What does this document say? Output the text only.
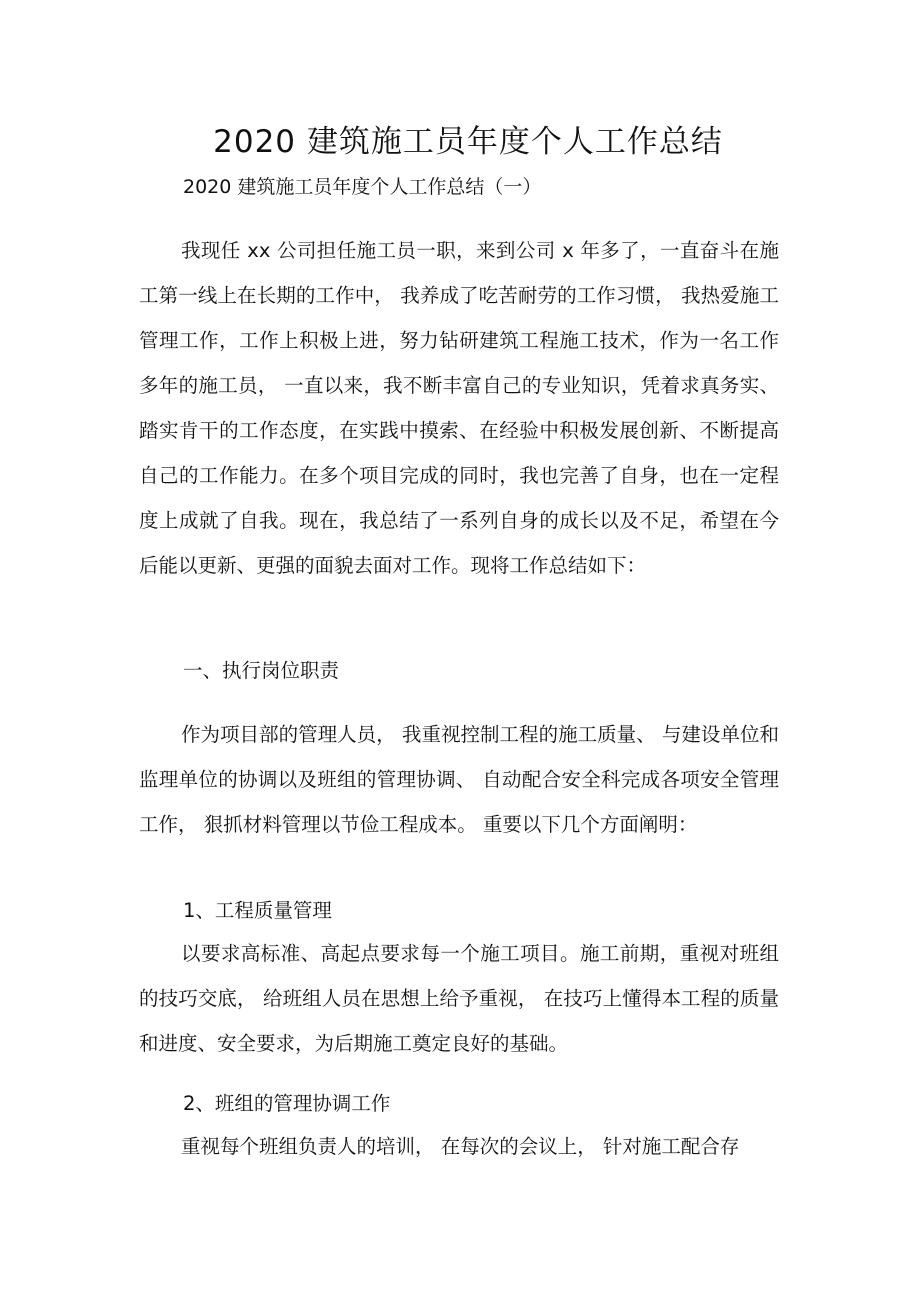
2020 建筑施工员年度个人工作总结
2020 建筑施工员年度个人工作总结（一）

我现任 xx 公司担任施工员一职，来到公司 x 年多了，一直奋斗在施工第一线上在长期的工作中， 我养成了吃苦耐劳的工作习惯， 我热爱施工管理工作，工作上积极上进，努力钻研建筑工程施工技术，作为一名工作多年的施工员， 一直以来，我不断丰富自己的专业知识，凭着求真务实、踏实肯干的工作态度，在实践中摸索、在经验中积极发展创新、不断提高自己的工作能力。在多个项目完成的同时，我也完善了自身，也在一定程度上成就了自我。现在，我总结了一系列自身的成长以及不足，希望在今后能以更新、更强的面貌去面对工作。现将工作总结如下：

一、执行岗位职责

作为项目部的管理人员， 我重视控制工程的施工质量、 与建设单位和监理单位的协调以及班组的管理协调、 自动配合安全科完成各项安全管理工作， 狠抓材料管理以节俭工程成本。 重要以下几个方面阐明：

1、工程质量管理

以要求高标准、高起点要求每一个施工项目。施工前期，重视对班组的技巧交底， 给班组人员在思想上给予重视， 在技巧上懂得本工程的质量和进度、安全要求，为后期施工奠定良好的基础。

2、班组的管理协调工作

重视每个班组负责人的培训， 在每次的会议上， 针对施工配合存
